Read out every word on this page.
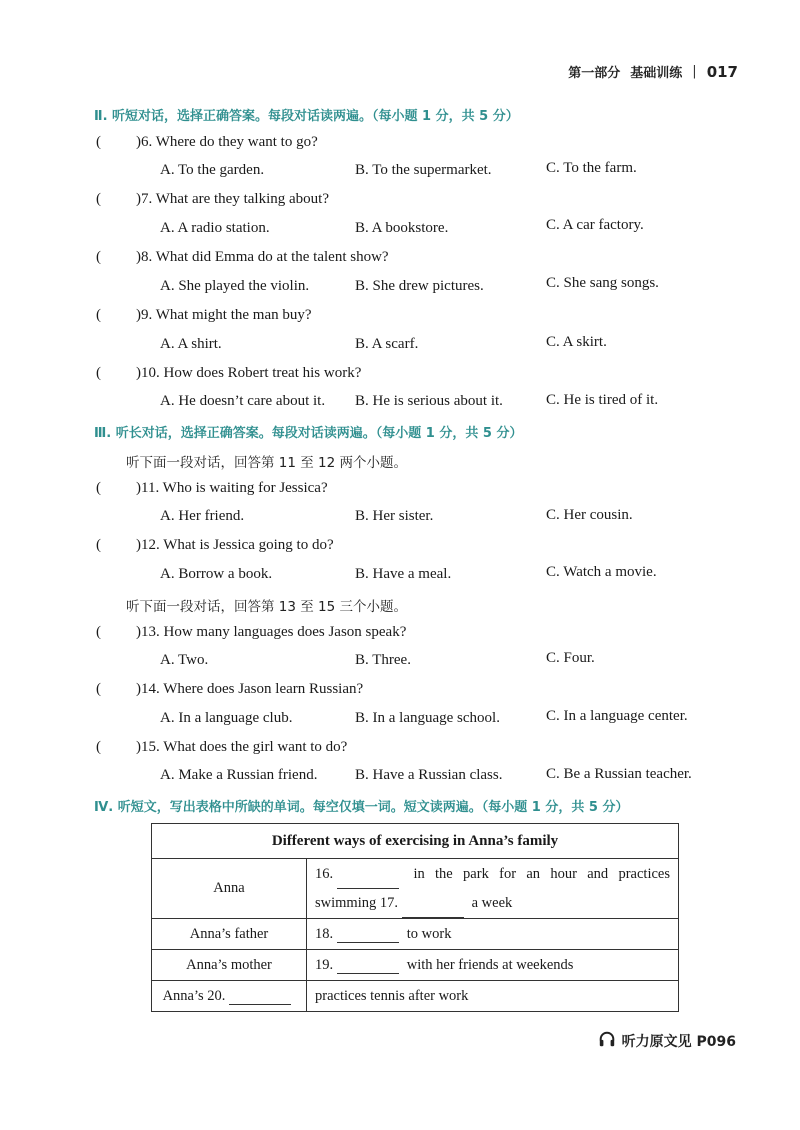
第一部分 基础训练 | 017
Ⅱ. 听短对话，选择正确答案。每段对话读两遍。（每小题 1 分，共 5 分）
( )6. Where do they want to go?
A. To the garden.	B. To the supermarket.	C. To the farm.
( )7. What are they talking about?
A. A radio station.	B. A bookstore.	C. A car factory.
( )8. What did Emma do at the talent show?
A. She played the violin.	B. She drew pictures.	C. She sang songs.
( )9. What might the man buy?
A. A shirt.	B. A scarf.	C. A skirt.
( )10. How does Robert treat his work?
A. He doesn’t care about it. B. He is serious about it.	C. He is tired of it.
Ⅲ. 听长对话，选择正确答案。每段对话读两遍。（每小题 1 分，共 5 分）
听下面一段对话，回答第 11 至 12 两个小题。
( )11. Who is waiting for Jessica?
A. Her friend.	B. Her sister.	C. Her cousin.
( )12. What is Jessica going to do?
A. Borrow a book.	B. Have a meal.	C. Watch a movie.
听下面一段对话，回答第 13 至 15 三个小题。
( )13. How many languages does Jason speak?
A. Two.	B. Three.	C. Four.
( )14. Where does Jason learn Russian?
A. In a language club.	B. In a language school.	C. In a language center.
( )15. What does the girl want to do?
A. Make a Russian friend.	B. Have a Russian class.	C. Be a Russian teacher.
Ⅳ. 听短文，写出表格中所缺的单词。每空仅填一词。短文读两遍。（每小题 1 分，共 5 分）
Different ways of exercising in Anna’s family	
Anna	16. in the park for an hour and practices swimming 17. a week
Anna’s father	18. to work
Anna’s mother	19. with her friends at weekends
Anna’s 20.	practices tennis after work
听力原文见 P096
